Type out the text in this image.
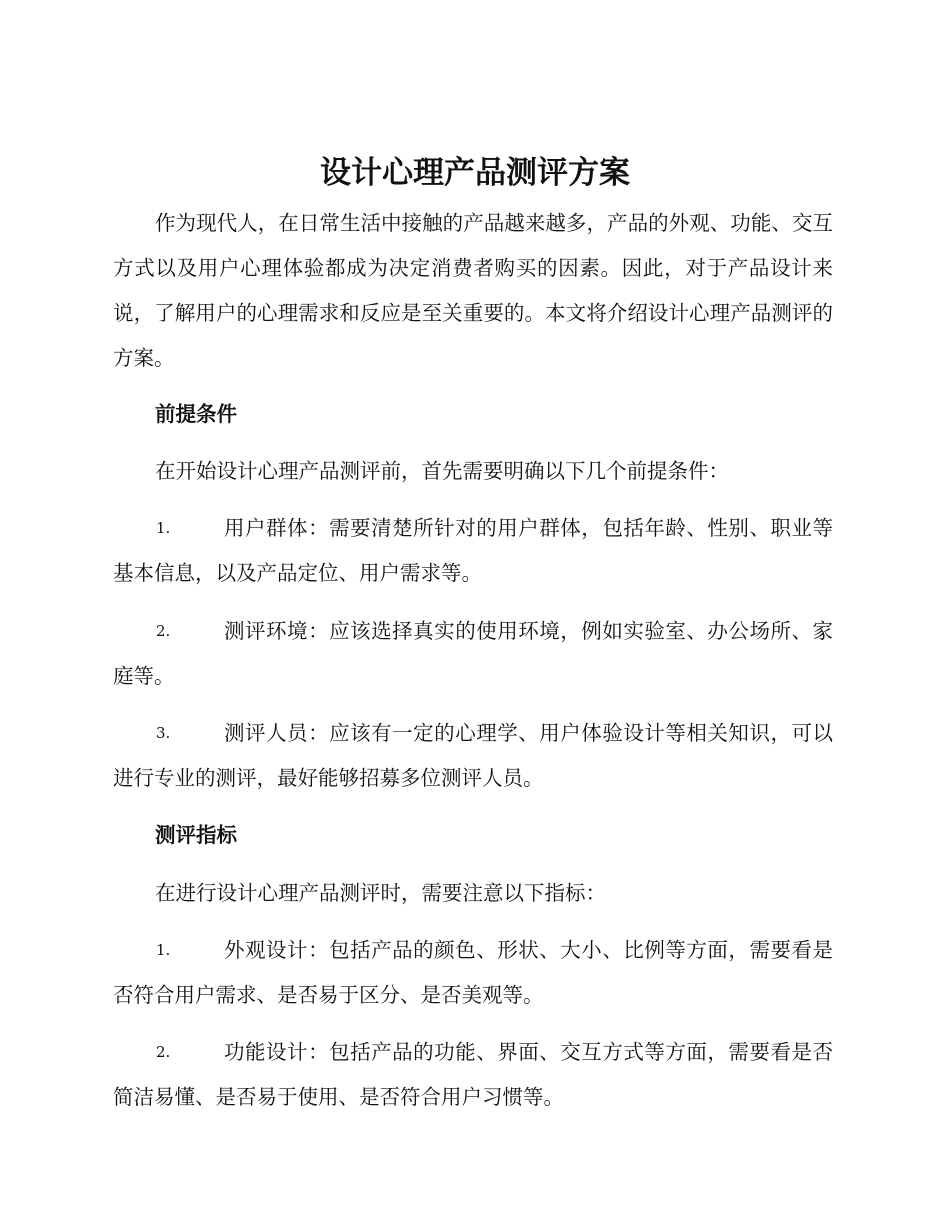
设计心理产品测评方案
作为现代人，在日常生活中接触的产品越来越多，产品的外观、功能、交互方式以及用户心理体验都成为决定消费者购买的因素。因此，对于产品设计来说，了解用户的心理需求和反应是至关重要的。本文将介绍设计心理产品测评的方案。
前提条件
在开始设计心理产品测评前，首先需要明确以下几个前提条件：
1.	用户群体：需要清楚所针对的用户群体，包括年龄、性别、职业等基本信息，以及产品定位、用户需求等。
2.	测评环境：应该选择真实的使用环境，例如实验室、办公场所、家庭等。
3.	测评人员：应该有一定的心理学、用户体验设计等相关知识，可以进行专业的测评，最好能够招募多位测评人员。
测评指标
在进行设计心理产品测评时，需要注意以下指标：
1.	外观设计：包括产品的颜色、形状、大小、比例等方面，需要看是否符合用户需求、是否易于区分、是否美观等。
2.	功能设计：包括产品的功能、界面、交互方式等方面，需要看是否简洁易懂、是否易于使用、是否符合用户习惯等。
